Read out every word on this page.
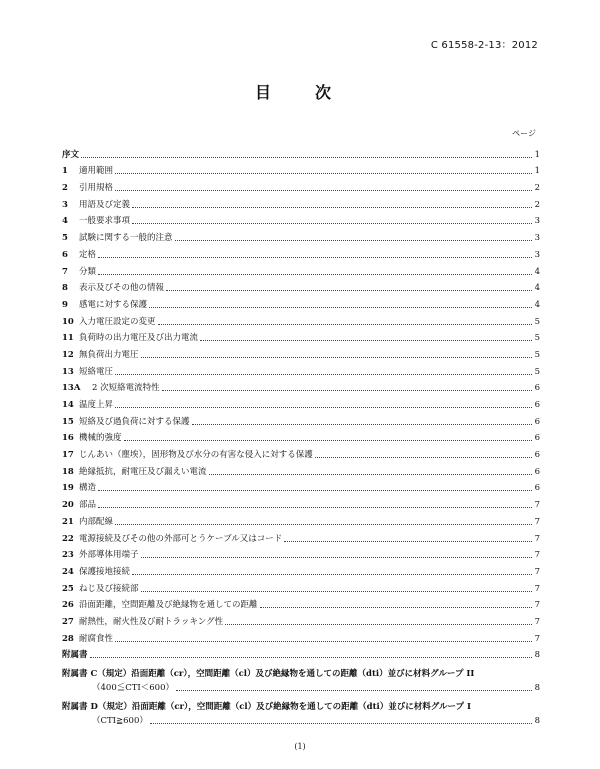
C 61558-2-13：2012
目　次
ページ
序文	1
1	適用範囲	1
2	引用規格	2
3	用語及び定義	2
4	一般要求事項	3
5	試験に関する一般的注意	3
6	定格	3
7	分類	4
8	表示及びその他の情報	4
9	感電に対する保護	4
10 入力電圧設定の変更	5
11 負荷時の出力電圧及び出力電流	5
12 無負荷出力電圧	5
13 短絡電圧	5
13A	2 次短絡電流特性	6
14 温度上昇	6
15 短絡及び過負荷に対する保護	6
16 機械的強度	6
17 じんあい（塵埃），固形物及び水分の有害な侵入に対する保護	6
18 絶縁抵抗，耐電圧及び漏えい電流	6
19 構造	6
20 部品	7
21 内部配線	7
22 電源接続及びその他の外部可とうケーブル又はコード	7
23 外部導体用端子	7
24 保護接地接続	7
25 ねじ及び接続部	7
26 沿面距離，空間距離及び絶縁物を通しての距離	7
27 耐熱性，耐火性及び耐トラッキング性	7
28 耐腐食性	7
附属書	8
附属書 C（規定）沿面距離（cr），空間距離（cl）及び絶縁物を通しての距離（dti）並びに材料グループ II
（400≦CTI＜600）	8
附属書 D（規定）沿面距離（cr），空間距離（cl）及び絶縁物を通しての距離（dti）並びに材料グループ I
（CTI≧600）	8
(1)
